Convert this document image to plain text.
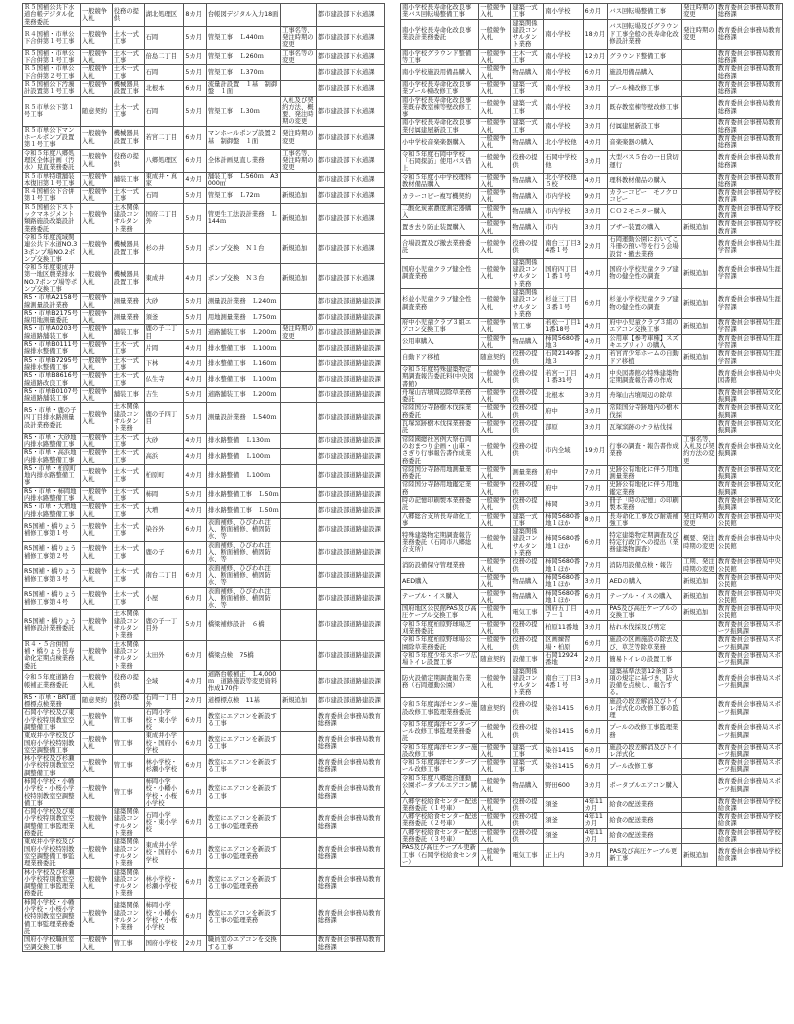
Ｒ５国補公共下水道台帳デジタル化業務委託	一般競争入札	役務の提供	湖北処理区	8カ月	台帳図デジタル入力18面		都市建設部下水道課
Ｒ４国補・市単公下合併第１号工事	一般競争入札	土木一式工事	石岡	5カ月	管渠工事　Ｌ440ｍ	工事名等、発注時期の変更	都市建設部下水道課
Ｒ５国補・市単公下合併第１号工事	一般競争入札	土木一式工事	倍島二丁目	5カ月	管渠工事　Ｌ260ｍ	工事名等の変更	都市建設部下水道課
Ｒ５国補・市単公下合併第２号工事	一般競争入札	土木一式工事	石岡	5カ月	管渠工事　Ｌ370ｍ		都市建設部下水道課
Ｒ５国補公下汚濁計設置第１号工事	一般競争入札	機械器具設置工事	北根本	6カ月	流量計設置　１基　制御盤　１面		都市建設部下水道課
Ｒ５市単公下第１号工事	随意契約	土木一式工事	石岡	5カ月	管渠工事　Ｌ30ｍ	入札及び契約方法、概要、発注時期の変更	都市建設部下水道課
Ｒ５市単公下マンホールポンプ設置第１号工事	一般競争入札	機械器具設置工事	若宮二丁目	6カ月	マンホールポンプ設置２基　制御盤　１面	発注時期の変更	都市建設部下水道課
令和５年度八郷処理区全体計画（汚水）見直業務委託	一般競争入札	役務の提供	八郷処理区	6カ月	全体計画見直し業務	工事名等、発注時期の変更	都市建設部下水道課
Ｒ５市単特環舗装本復旧第１号工事	一般競争入札	舗装工事	東成井・真家	4カ月	舗装工事　Ｌ560ｍ　A3000㎡		都市建設部下水道課
Ｒ４国補公下合併第１号工事	一般競争入札	土木一式工事	石岡	5カ月	管渠工事　Ｌ72ｍ	新規追加	都市建設部下水道課
Ｒ５国補公下ストックマネジメント類路施設改築設計業務委託	一般競争入札	土木関係建設コンサルタント業務	国府二丁目外	5カ月	管更生工法設計業務　Ｌ144ｍ	新規追加	都市建設部下水道課
令和５年度流域関連公共下水道NO.33ポンプ場NO.2ポンプ交換工事	一般競争入札	機械器具設置工事	杉の井	5カ月	ポンプ交換　Ｎ１台	新規追加	都市建設部下水道課
令和５年度東成井第一地区農業排水NO.7ポンプ場等ポンプ交換工事	一般競争入札	機械器具設置工事	東成井	4カ月	ポンプ交換　Ｎ３台	新規追加	都市建設部下水道課
R5・市単A2158号線測量設計業務	一般競争入札	測量業務	大砂	5カ月	測量設計業務　Ｌ240ｍ		都市建設部道路建設課
R5・市単B2175号線用地測量委託	一般競争入札	測量業務	須釜	5カ月	用地測量業務　Ｌ750ｍ		都市建設部道路建設課
R5・市単A0203号線道路舗装工事	一般競争入札	舗装工事	鹿の子二丁目	5カ月	道路舗装工事　Ｌ200ｍ	発注時期の変更	都市建設部道路建設課
R5・市単B0111号線排水整備工事	一般競争入札	土木一式工事	片岡	4カ月	排水整備工事　Ｌ100ｍ		都市建設部道路建設課
R5・市単B7295号線排水整備工事	一般競争入札	土木一式工事	下林	4カ月	排水整備工事　Ｌ160ｍ		都市建設部道路建設課
R5・市単B8616号線道路改良工事	一般競争入札	土木一式工事	仏生寺	4カ月	排水整備工事　Ｌ100ｍ		都市建設部道路建設課
R5・市単B0107号線道路舗装工事	一般競争入札	舗装工事	吉生	5カ月	道路舗装工事　Ｌ200ｍ		都市建設部道路建設課
R5・市単・鹿の子四丁目排水路測量設計業務委託	一般競争入札	土木関係建設コンサルタント業務	鹿の子四丁目	5カ月	測量設計業務　Ｌ540ｍ		都市建設部道路建設課
R5・市単・大砂地内排水路整備工事	一般競争入札	土木一式工事	大砂	4カ月	排水路整備　Ｌ130ｍ		都市建設部道路建設課
R5・市単・高浜地内排水路整備工事	一般競争入札	土木一式工事	高浜	4カ月	排水路整備　Ｌ100ｍ		都市建設部道路建設課
R5・市単・柏原町地内排水路整備工事	一般競争入札	土木一式工事	柏原町	4カ月	排水路整備　Ｌ100ｍ		都市建設部道路建設課
R5・市単・柿岡地内排水路整備工事	一般競争入札	土木一式工事	柿岡	5カ月	排水路整備工事　Ｌ50ｍ		都市建設部道路建設課
R5・市単・大増地内排水路整備工事	一般競争入札	土木一式工事	大増	4カ月	排水路整備工事　Ｌ50ｍ		都市建設部道路建設課
R5国補・橋りょう補修工事第１号	一般競争入札	土木一式工事	染谷外	6カ月	表面補修、ひびわれ注入、断面補修、横固防水、等		都市建設部道路建設課
R5国補・橋りょう補修工事第２号	一般競争入札	土木一式工事	鹿の子	6カ月	表面補修、ひびわれ注入、断面補修、横固防水、等		都市建設部道路建設課
R5国補・橋りょう補修工事第３号	一般競争入札	土木一式工事	南台二丁目	6カ月	表面補修、ひびわれ注入、断面補修、横固防水、等		都市建設部道路建設課
R5国補・橋りょう補修工事第４号	一般競争入札	土木一式工事	小屋	6カ月	表面補修、ひびわれ注入、断面補修、横固防水、等		都市建設部道路建設課
R5国補・橋りょう補修設計業務委託	一般競争入札	土木関係建設コンサルタント業務	鹿の子一丁目外	5カ月	橋梁補修設計　６橋		都市建設部道路建設課
Ｒ４・５合併国補・橋りょう長寿命化定期点検業務委託	一般競争入札	土木関係建設コンサルタント業務	太田外	6カ月	橋梁点検　75橋		都市建設部道路建設課
令和５年度道路台帳補正業務委託	一般競争入札	役務の提供	全域	4カ月	道路台帳補正　Ｌ4,000ｍ　道路施設等変更資料作成170件		都市建設部道路建設課
R5・市単・BRT道標標点検業務	随意契約	役務の提供	石岡一丁目外	2カ月	道標標点検　11基	新規追加	都市建設部道路建設課
石岡小学校及び東小学校特別教室空調整備工事	一般競争入札	管工事	石岡小学校・東小学校	6カ月	教室にエアコンを新設する工事		教育委員会事務局教育総務課
東成井小学校及び国府小学校特別教室空調整備工事	一般競争入札	管工事	東成井小学校・国府小学校	6カ月	教室にエアコンを新設する工事		教育委員会事務局教育総務課
林小学校及び杉瀬小学校特別教室空調整備工事	一般競争入札	管工事	林小学校・杉瀬小学校	6カ月	教室にエアコンを新設する工事		教育委員会事務局教育総務課
柿岡小学校・小幡小学校・小桜小学校特別教室空調整備工事	一般競争入札	管工事	柿岡小学校・小幡小学校・小桜小学校	6カ月	教室にエアコンを新設する工事		教育委員会事務局教育総務課
石岡小学校及び東小学校特別教室空調整備工事監理業務委託	一般競争入札	建築関係建設コンサルタント業務	石岡小学校・東小学校	6カ月	教室にエアコンを新設する工事の監理業務		教育委員会事務局教育総務課
東成井小学校及び国府小学校特別教室空調整備工事監理業務委託	一般競争入札	建築関係建設コンサルタント業務	東成井小学校・国府小学校	6カ月	教室にエアコンを新設する工事の監理業務		教育委員会事務局教育総務課
林小学校及び杉瀬小学校特別教室空調整備工事監理業務委託	一般競争入札	建築関係建設コンサルタント業務	林小学校・杉瀬小学校	6カ月	教室にエアコンを新設する工事の監理業務		教育委員会事務局教育総務課
柿岡小学校・小幡小学校・小桜小学校特別教室空調整備工事監理業務委託	一般競争入札	建築関係建設コンサルタント業務	柿岡小学校・小幡小学校・小桜小学校	6カ月	教室にエアコンを新設する工事の監理業務		教育委員会事務局教育総務課
国府小学校職員室空調交換工事	一般競争入札	管工事	国府小学校	2カ月	職員室のエアコンを交換する工事		教育委員会事務局教育総務課
南小学校長寿命化改良事業バス回転場整備工事	一般競争入札	建築一式工事	南小学校	6カ月	バス回転場整備工事	発注時期の変更	教育委員会事務局教育総務課
南小学校長寿命化改良事業設計業務委託	一般競争入札	建築関係建設コンサルタント業務	南小学校	18カ月	バス回転場及びグラウンド工事全般の長寿命化改修設計業務	発注時期の変更	教育委員会事務局教育総務課
南小学校グラウンド整備等工事	一般競争入札	土木一式工事	南小学校	12カ月	グラウンド整備工事		教育委員会事務局教育総務課
南小学校施設用備品購入	一般競争入札	物品購入	南小学校	6カ月	施設用備品購入		教育委員会事務局教育総務課
南小学校長寿命化改良事業プール棟改修工事	一般競争入札	建築一式工事	南小学校	3カ月	プール棟改修工事		教育委員会事務局教育総務課
南小学校長寿命化改良事業既存教室棟等壁改修工事	一般競争入札	建築一式工事	南小学校	3カ月	既存教室棟等壁改修工事		教育委員会事務局教育総務課
南小学校長寿命化改良事業付属建屋新設工事	一般競争入札	建築一式工事	南小学校	3カ月	付属建屋新設工事		教育委員会事務局教育総務課
小中学校音楽楽器購入	一般競争入札	物品購入	北小学校他	4カ月	音楽楽器の購入		教育委員会事務局教育総務課
令和５年度石岡中学校「石岡探訪」使用バス借上	一般競争入札	役務の提供	石岡中学校他	3カ月	大型バス５台の一日貸切運行		教育委員会事務局教育総務課
令和５年度小中学校理科教材備品購入	一般競争入札	物品購入	北小学校他５校	4カ月	理科教材備品の購入		教育委員会事務局教育総務課
カラーコピー複写機契約	一般競争入札	物品購入	市内学校	9カ月	カラーコピー　モノクロコピー		教育委員会事務局学校教育課
二酸化炭素濃度測定器購入	一般競争入札	物品購入	市内学校	3カ月	ＣＯ２モニター購入		教育委員会事務局学校教育課
置き去り防止装置購入	一般競争入札	物品購入	市内	3カ月	ブザー装置の購入	新規追加	教育委員会事務局学校教育課
合場設置及び撤去業務委託	一般競争入札	役務の提供	南台三丁目34番１号	2カ月	石岡運動公園においてこ斗冊の預い等を行う会場設営・撤去業務		教育委員会事務局生涯学習課
国府小児童クラブ健全性調査業務	一般競争入札	建築関係建設コンサルタント業務	国府四丁目１番１号	4カ月	国府小学校児童クラブ建物の健全性の調査	新規追加	教育委員会事務局生涯学習課
杉並小児童クラブ健全性調査業務	一般競争入札	建築関係建設コンサルタント業務	杉並三丁目３番１号	6カ月	杉並小学校児童クラブ建物の健全性の調査	新規追加	教育委員会事務局生涯学習課
府中小児童クラブ３組エアコン交換工事	一般競争入札	管工事	若松一丁目11番18号	4カ月	府中小児童クラブ３組のエアコン交換工事	新規追加	教育委員会事務局生涯学習課
公用車購入	一般競争入札	物品購入	柿岡5680番地３	4カ月	公用車【参考車種】スズキエブリィ）の購入		教育委員会事務局生涯学習課
自動ドア移植	随意契約	役務の提供	石岡2149番地３	2カ月	若宮青少年ホームの自動ドア移植	新規追加	教育委員会事務局生涯学習課
令和５年度特殊建築物定期調査報告委託料(中央図書館)	一般競争入札	役務の提供	若宮一丁目１番31号	4カ月	中央図書館の特殊建築物定期調査報告書の作成		教育委員会事務局中央図書館
舟塚山古墳周辺除草業務委託	一般競争入札	役務の提供	北根本	3カ月	舟塚山古墳周辺の除草		教育委員会事務局文化振興課
常陸国分寺跡樹木伐採業務委託	一般競争入札	役務の提供	府中	3カ月	常陸国分寺跡地内の樹木伐採		教育委員会事務局文化振興課
瓦塚窯跡樹木伐採業務委託	一般競争入札	役務の提供	部原	3カ月	瓦塚窯跡のナラ枯伐採		教育委員会事務局文化振興課
常陸國總社宮例大祭石岡のおまつり企画・山車・さぎり行事報告書作成業務委託	一般競争入札	役務の提供	市内全域	19カ月	行事の調査・報告書作成業務	工事名等、入札及び契約方法の変更	教育委員会事務局文化振興課
常陸国分寺跡用地測量業務委託	一般競争入札	測量業務	府中	7カ月	史跡公有地化に伴う用地測量業務		教育委員会事務局文化振興課
常陸国分寺跡用地鑑定業務	一般競争入札	役務の提供	府中	7カ月	史跡公有地化に伴う用地鑑定業務		教育委員会事務局文化振興課
時の記憶印刷製本業務委託	一般競争入札	役務の提供	柿岡	3カ月	冊子「時の記憶」の印刷製本業務		教育委員会事務局文化振興課
八郷総合支所長寿命化工事	一般競争入札	建築一式工事	柿岡5680番地１ほか	8カ月	長寿命化工事及び耐震補強工事	発注時期の変更	教育委員会事務局中央公民館
特殊建築物定期調査報告業務委託（石岡市八郷総合支所）	一般競争入札	建築関係建設コンサルタント業務	柿岡5680番地１ほか	6カ月	特定建築物定期調査及び特定行政庁への提出（業務建築物調査）	概要、発注時期の変更	教育委員会事務局中央公民館
消防設備保守管理業務	一般競争入札	役務の提供	柿岡5680番地１ほか	7カ月	消防用設備点検・報告	工期、発注時期の変更	教育委員会事務局中央公民館
AED購入	一般競争入札	物品購入	柿岡5680番地１ほか	3カ月	AEDの購入	新規追加	教育委員会事務局中央公民館
テーブル・イス購入	一般競争入札	物品購入	柿岡5680番地１ほか	6カ月	テーブル・イスの購入	新規追加	教育委員会事務局中央公民館
国府地区公民館PAS及び高圧ケーブル交換工事	一般競争入札	電気工事	国府五丁目７－１	4カ月	PAS及び高圧ケーブルの交換工事	新規追加	教育委員会事務局中央公民館
令和５年度柏原野球場芝刈業務委託	一般競争入札	役務の提供	柏原11番地	3カ月	枯れ木伐採及び剪定		教育委員会事務局スポーツ振興課
令和５年度柏原野球場公園除草業務委託	一般競争入札	役務の提供	区画練習場・柏原	6カ月	施設の区画施設の除去及び、草芝等除草業務		教育委員会事務局スポーツ振興課
令和５年度少年スポーツ広場トイレ設置工事	随意契約	設備工事	石岡12924番地	2カ月	簡易トイレの設置工事		教育委員会事務局スポーツ振興課
防火設備定期調査報告業務（石岡運動公園）	一般競争入札	建築関係建設コンサルタント業務	南台三丁目34番１号	3カ月	建築基準法第12条第３項の規定に基づき、防火設備を点検し、報告する。		教育委員会事務局スポーツ振興課
令和５年度海洋センター施設改修工事監理業務委託	随意契約	役務の提供	染谷1415	6カ月	施設の段差解消及びトイレ洋式化の改修工事の監理		教育委員会事務局スポーツ振興課
令和５年度海洋センタープール改修工事監理業務委託	一般競争入札	役務の提供	染谷1415	6カ月	プールの改修工事監理業務		教育委員会事務局スポーツ振興課
令和５年度海洋センター施設改修工事	一般競争入札	建築一式工事	染谷1415	6カ月	施設の段差解消及びトイレ洋式化		教育委員会事務局スポーツ振興課
令和５年度海洋センタープール改修工事	一般競争入札	建築一式工事	染谷1415	6カ月	プール改修工事		教育委員会事務局スポーツ振興課
令和５年度八郷総合運動公園ポータブルエアコン購入	一般競争入札	物品購入	野田600	3カ月	ポータブルエアコン購入		教育委員会事務局スポーツ振興課
八郷学校給食センター配送業務委託（１号車）	一般競争入札	役務の提供	須釜	4年11カ月	給食の配送業務		教育委員会事務局学校給食課
八郷学校給食センター配送業務委託（２号車）	一般競争入札	役務の提供	須釜	4年11カ月	給食の配送業務		教育委員会事務局学校給食課
八郷学校給食センター配送業務委託（３号車）	一般競争入札	役務の提供	須釜	4年11カ月	給食の配送業務		教育委員会事務局学校給食課
PAS及び高圧ケーブル更新工事（石岡学校給食センター）	一般競争入札	電気工事	正上内	3カ月	PAS及び高圧ケーブル更新工事	新規追加	教育委員会事務局学校給食課
